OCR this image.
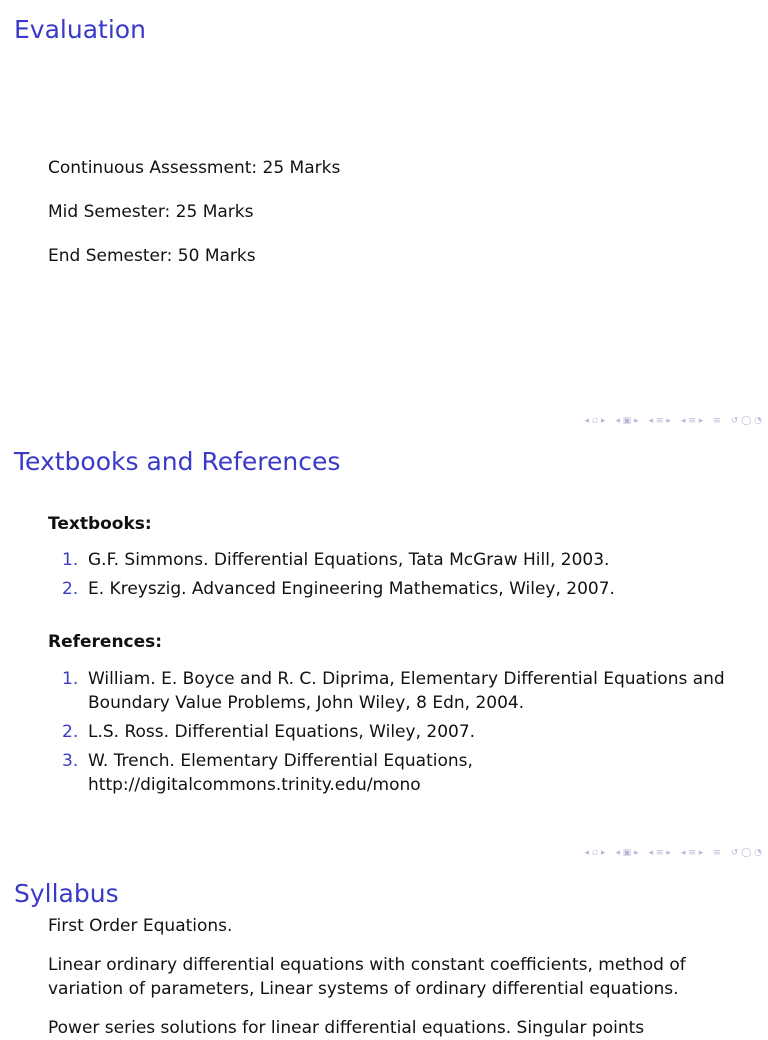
Evaluation

Continuous Assessment: 25 Marks

Mid Semester: 25 Marks

End Semester: 50 Marks

◂ ▫ ▸ ◂ ▣ ▸ ◂ ≡ ▸ ◂ ≡ ▸ ≡ ↺ ◯ ◔
Textbooks and References

Textbooks:

1. G.F. Simmons. Differential Equations, Tata McGraw Hill, 2003.
2. E. Kreyszig. Advanced Engineering Mathematics, Wiley, 2007.

References:

1. William. E. Boyce and R. C. Diprima, Elementary Differential Equations and Boundary Value Problems, John Wiley, 8 Edn, 2004.
2. L.S. Ross. Differential Equations, Wiley, 2007.
3. W. Trench. Elementary Differential Equations, http://digitalcommons.trinity.edu/mono
◂ ▫ ▸ ◂ ▣ ▸ ◂ ≡ ▸ ◂ ≡ ▸ ≡ ↺ ◯ ◔
Syllabus

First Order Equations.

Linear ordinary differential equations with constant coefficients, method of variation of parameters, Linear systems of ordinary differential equations.

Power series solutions for linear differential equations. Singular points
